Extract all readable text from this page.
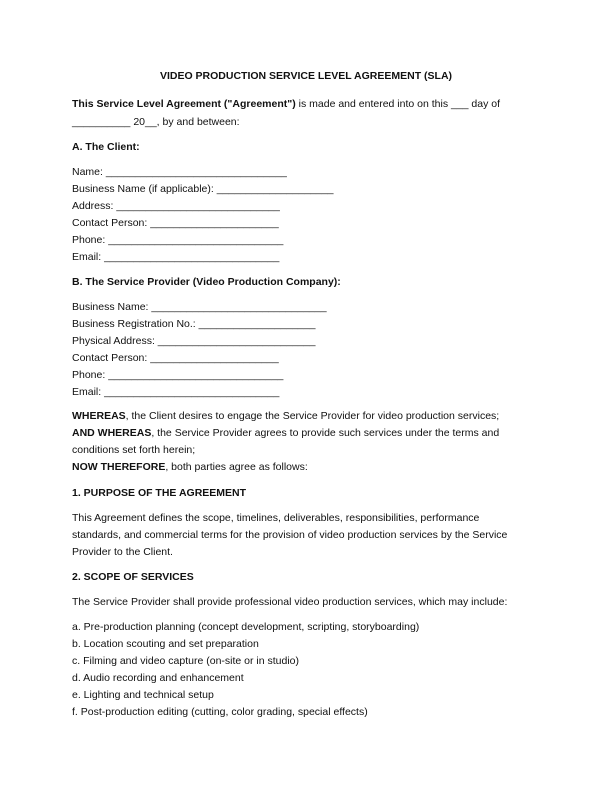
VIDEO PRODUCTION SERVICE LEVEL AGREEMENT (SLA)
This Service Level Agreement ("Agreement") is made and entered into on this ___ day of
__________ 20__, by and between:
A. The Client:
Name: _______________________________
Business Name (if applicable): ____________________
Address: ____________________________
Contact Person: ______________________
Phone: ______________________________
Email: ______________________________
B. The Service Provider (Video Production Company):
Business Name: ______________________________
Business Registration No.: ____________________
Physical Address: ___________________________
Contact Person: ______________________
Phone: ______________________________
Email: ______________________________
WHEREAS, the Client desires to engage the Service Provider for video production services;
AND WHEREAS, the Service Provider agrees to provide such services under the terms and
conditions set forth herein;
NOW THEREFORE, both parties agree as follows:
1. PURPOSE OF THE AGREEMENT
This Agreement defines the scope, timelines, deliverables, responsibilities, performance
standards, and commercial terms for the provision of video production services by the Service
Provider to the Client.
2. SCOPE OF SERVICES
The Service Provider shall provide professional video production services, which may include:
a. Pre-production planning (concept development, scripting, storyboarding)
b. Location scouting and set preparation
c. Filming and video capture (on-site or in studio)
d. Audio recording and enhancement
e. Lighting and technical setup
f. Post-production editing (cutting, color grading, special effects)
